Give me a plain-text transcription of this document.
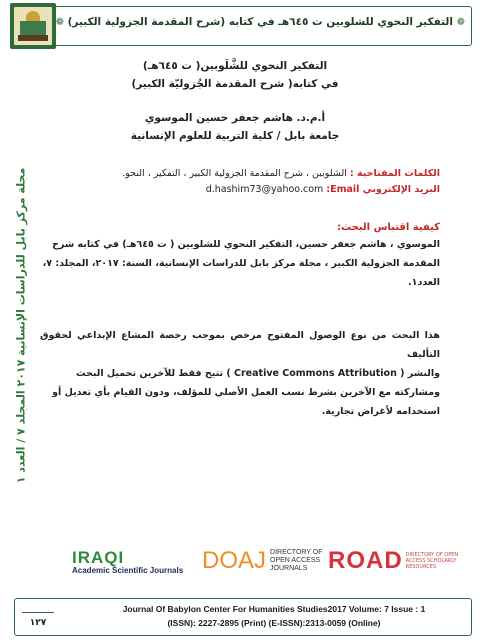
❁ التفكير النحوي للشلوبين ت ٦٤٥هـ في كتابه (شرح المقدمة الجزولية الكبير) ❁
مجلة مركز بابل للدراسات الإنسانية ٢٠١٧ المجلد ٧ / العدد ١
التفكير النحوي للشَّلَوبين( ت ٦٤٥هـ)
في كتابه( شرح المقدمة الجُزوليّة الكبير)
أ.م.د. هاشم جعفر حسين الموسوي
جامعة بابل / كلية التربية للعلوم الإنسانية
الكلمات المفتاحية : الشلوبين ، شرح المقدمة الجزولية الكبير ، التفكير ، النحو.
البريد الإلكتروني Email: d.hashim73@yahoo.com
كيفية اقتباس البحث:
الموسوي ، هاشم جعفر حسين، التفكير النحوي للشلوبين ( ت ٦٤٥هـ) في كتابه شرح
المقدمة الجزولية الكبير ، مجلة مركز بابل للدراسات الإنسانية، السنة: ٢٠١٧، المجلد: ٧،
العدد١.
هذا البحث من نوع الوصول المفتوح مرخص بموجب رخصة المشاع الإبداعي لحقوق التأليف
والنشر ( Creative Commons Attribution ) تتيح فقط للآخرين تحميل البحث
ومشاركته مع الآخرين بشرط نسب العمل الأصلي للمؤلف، ودون القيام بأي تعديل أو
استخدامه لأغراض تجارية.
IRAQI
Academic Scientific Journals DOAJ DIRECTORY OF
OPEN ACCESS
JOURNALS ROAD DIRECTORY OF OPEN ACCESS SCHOLARLY RESOURCES
Journal Of Babylon Center For Humanities Studies2017 Volume: 7 Issue : 1
(ISSN): 2227-2895 (Print) (E-ISSN):2313-0059 (Online)
١٢٧
